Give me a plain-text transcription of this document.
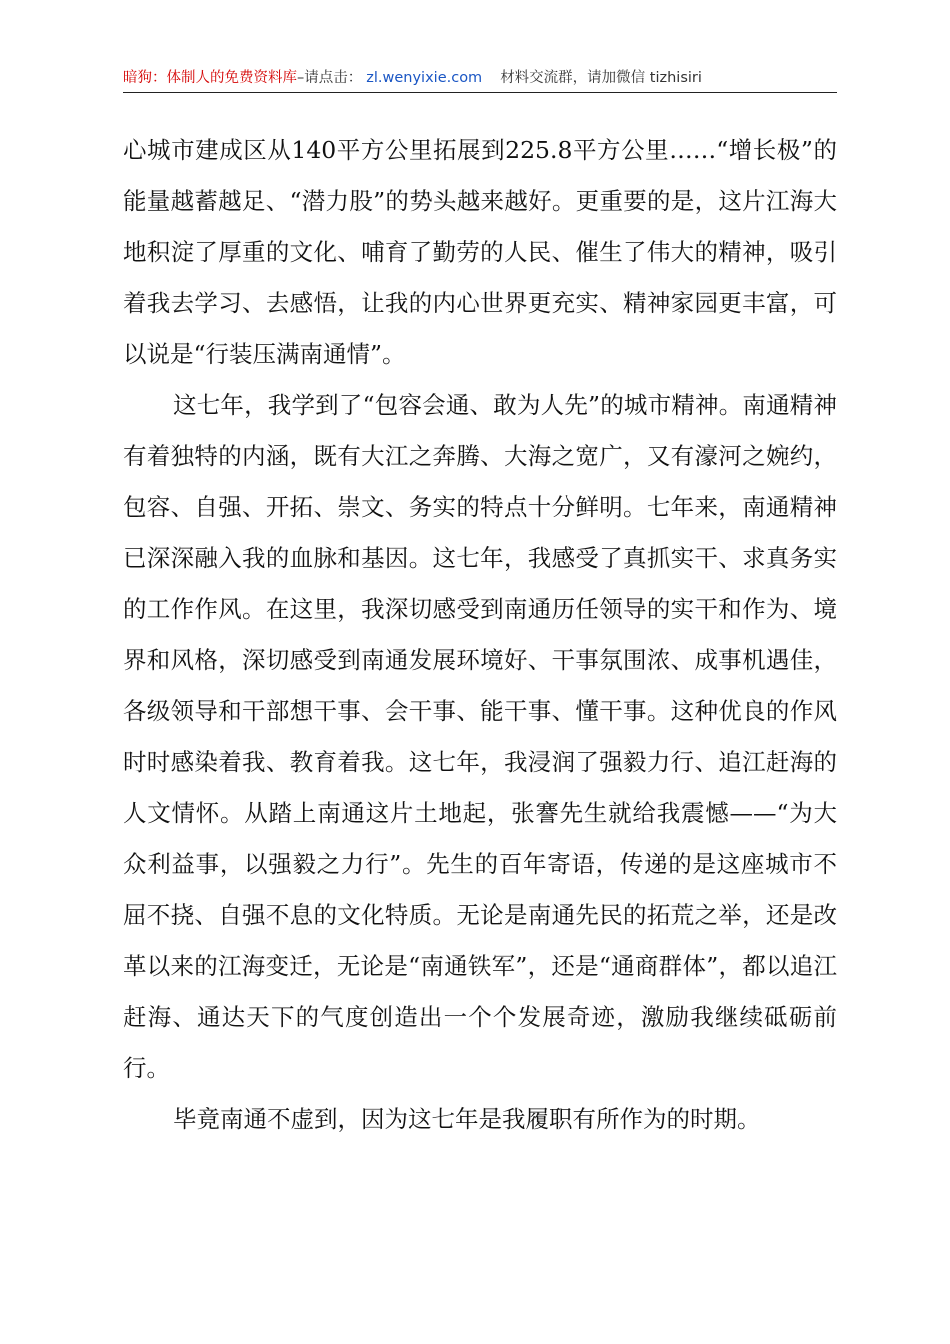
暗狗：体制人的免费资料库–请点击： zl.wenyixie.com 材料交流群，请加微信 tizhisiri

心城市建成区从140平方公里拓展到225.8平方公里……“增长极”的能量越蓄越足、“潜力股”的势头越来越好。更重要的是，这片江海大地积淀了厚重的文化、哺育了勤劳的人民、催生了伟大的精神，吸引着我去学习、去感悟，让我的内心世界更充实、精神家园更丰富，可以说是“行装压满南通情”。

这七年，我学到了“包容会通、敢为人先”的城市精神。南通精神有着独特的内涵，既有大江之奔腾、大海之宽广，又有濠河之婉约，包容、自强、开拓、崇文、务实的特点十分鲜明。七年来，南通精神已深深融入我的血脉和基因。这七年，我感受了真抓实干、求真务实的工作作风。在这里，我深切感受到南通历任领导的实干和作为、境界和风格，深切感受到南通发展环境好、干事氛围浓、成事机遇佳，各级领导和干部想干事、会干事、能干事、懂干事。这种优良的作风时时感染着我、教育着我。这七年，我浸润了强毅力行、追江赶海的人文情怀。从踏上南通这片土地起，张謇先生就给我震憾——“为大众利益事，以强毅之力行”。先生的百年寄语，传递的是这座城市不屈不挠、自强不息的文化特质。无论是南通先民的拓荒之举，还是改革以来的江海变迁，无论是“南通铁军”，还是“通商群体”，都以追江赶海、通达天下的气度创造出一个个发展奇迹，激励我继续砥砺前行。

毕竟南通不虚到，因为这七年是我履职有所作为的时期。
